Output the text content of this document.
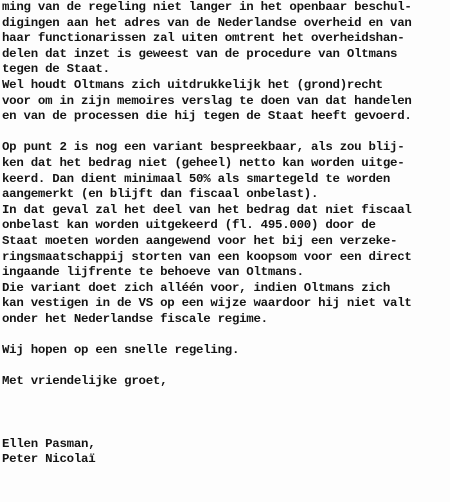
ming van de regeling niet langer in het openbaar beschul-
digingen aan het adres van de Nederlandse overheid en van
haar functionarissen zal uiten omtrent het overheidshan-
delen dat inzet is geweest van de procedure van Oltmans
tegen de Staat.
Wel houdt Oltmans zich uitdrukkelijk het (grond)recht
voor om in zijn memoires verslag te doen van dat handelen
en van de processen die hij tegen de Staat heeft gevoerd.
Op punt 2 is nog een variant bespreekbaar, als zou blij-
ken dat het bedrag niet (geheel) netto kan worden uitge-
keerd. Dan dient minimaal 50% als smartegeld te worden
aangemerkt (en blijft dan fiscaal onbelast).
In dat geval zal het deel van het bedrag dat niet fiscaal
onbelast kan worden uitgekeerd (fl. 495.000) door de
Staat moeten worden aangewend voor het bij een verzeke-
ringsmaatschappij storten van een koopsom voor een direct
ingaande lijfrente te behoeve van Oltmans.
Die variant doet zich alléén voor, indien Oltmans zich
kan vestigen in de VS op een wijze waardoor hij niet valt
onder het Nederlandse fiscale regime.
Wij hopen op een snelle regeling.
Met vriendelijke groet,
Ellen Pasman,
Peter Nicolaï
